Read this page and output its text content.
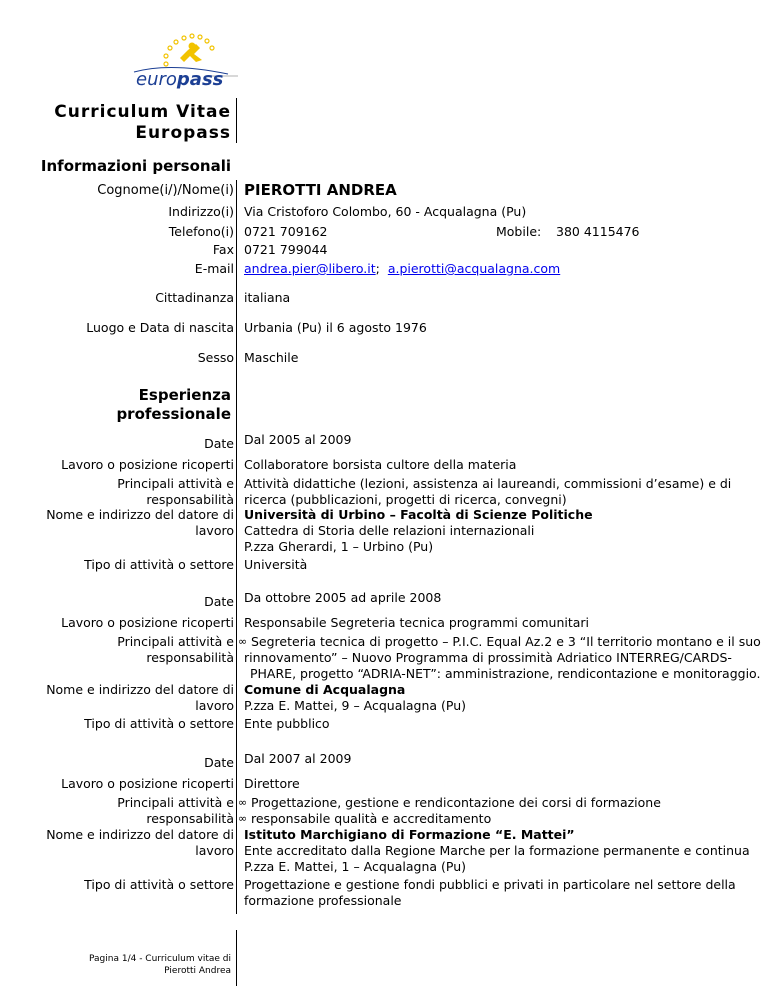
europass
Curriculum Vitae
Europass
Informazioni personali
Cognome(i/)/Nome(i) PIEROTTI ANDREA
Indirizzo(i) Via Cristoforo Colombo, 60 - Acqualagna (Pu)
Telefono(i) 0721 709162	Mobile: 380 4115476
Fax 0721 799044
E-mail andrea.pier@libero.it; a.pierotti@acqualagna.com
Cittadinanza italiana
Luogo e Data di nascita Urbania (Pu) il 6 agosto 1976
Sesso Maschile
Esperienza
professionale
Date Dal 2005 al 2009
Lavoro o posizione ricoperti Collaboratore borsista cultore della materia
Principali attività e
responsabilità
Attività didattiche (lezioni, assistenza ai laureandi, commissioni d’esame) e di
ricerca (pubblicazioni, progetti di ricerca, convegni)
Nome e indirizzo del datore di
lavoro
Università di Urbino – Facoltà di Scienze Politiche
Cattedra di Storia delle relazioni internazionali
P.zza Gherardi, 1 – Urbino (Pu)
Tipo di attività o settore Università
Date Da ottobre 2005 ad aprile 2008
Lavoro o posizione ricoperti Responsabile Segreteria tecnica programmi comunitari
Principali attività e
responsabilità
∞ Segreteria tecnica di progetto – P.I.C. Equal Az.2 e 3 “Il territorio montano e il suo
rinnovamento” – Nuovo Programma di prossimità Adriatico INTERREG/CARDS-
PHARE, progetto “ADRIA-NET”: amministrazione, rendicontazione e monitoraggio.
Nome e indirizzo del datore di
lavoro
Comune di Acqualagna
P.zza E. Mattei, 9 – Acqualagna (Pu)
Tipo di attività o settore Ente pubblico
Date Dal 2007 al 2009
Lavoro o posizione ricoperti Direttore
Principali attività e
responsabilità
∞ Progettazione, gestione e rendicontazione dei corsi di formazione
∞ responsabile qualità e accreditamento
Nome e indirizzo del datore di
lavoro
Istituto Marchigiano di Formazione “E. Mattei”
Ente accreditato dalla Regione Marche per la formazione permanente e continua
P.zza E. Mattei, 1 – Acqualagna (Pu)
Tipo di attività o settore Progettazione e gestione fondi pubblici e privati in particolare nel settore della
formazione professionale
Pagina 1/4 - Curriculum vitae di
Pierotti Andrea
